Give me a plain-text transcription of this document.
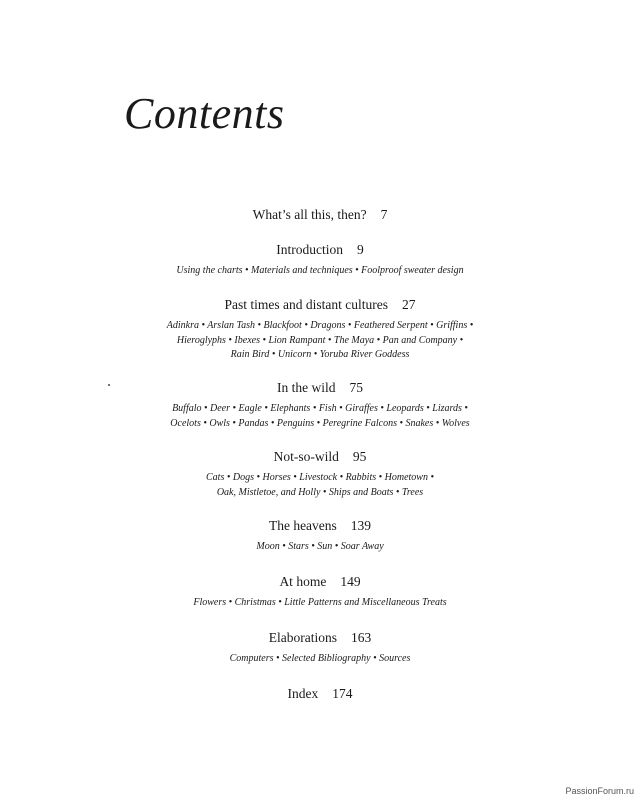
Contents
What’s all this, then? 7
Introduction 9
Using the charts • Materials and techniques • Foolproof sweater design
Past times and distant cultures 27
Adinkra • Arslan Tash • Blackfoot • Dragons • Feathered Serpent • Griffins •
Hieroglyphs • Ibexes • Lion Rampant • The Maya • Pan and Company •
Rain Bird • Unicorn • Yoruba River Goddess
In the wild 75
Buffalo • Deer • Eagle • Elephants • Fish • Giraffes • Leopards • Lizards •
Ocelots • Owls • Pandas • Penguins • Peregrine Falcons • Snakes • Wolves
Not-so-wild 95
Cats • Dogs • Horses • Livestock • Rabbits • Hometown •
Oak, Mistletoe, and Holly • Ships and Boats • Trees
The heavens 139
Moon • Stars • Sun • Soar Away
At home 149
Flowers • Christmas • Little Patterns and Miscellaneous Treats
Elaborations 163
Computers • Selected Bibliography • Sources
Index 174
PassionForum.ru
